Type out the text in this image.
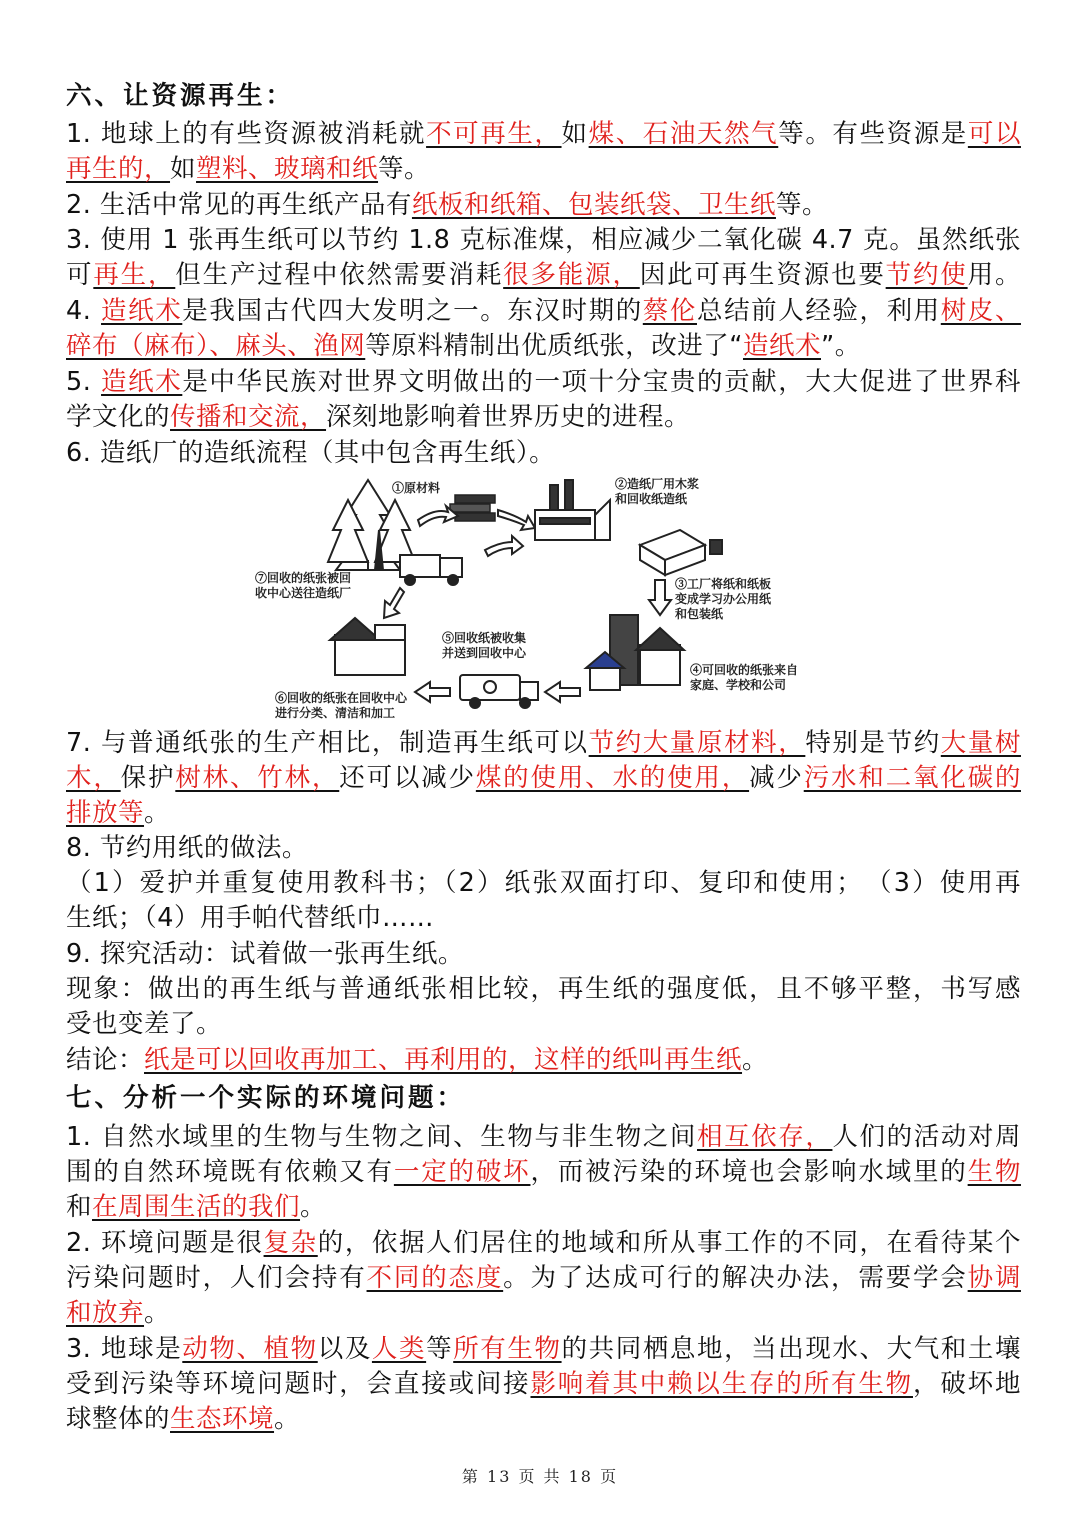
六、让资源再生：
1. 地球上的有些资源被消耗就不可再生，如煤、石油天然气等。有些资源是可以
再生的，如塑料、玻璃和纸等。
2. 生活中常见的再生纸产品有纸板和纸箱、包装纸袋、卫生纸等。
3. 使用 1 张再生纸可以节约 1.8 克标准煤，相应减少二氧化碳 4.7 克。虽然纸张
可再生，但生产过程中依然需要消耗很多能源，因此可再生资源也要节约使用。
4. 造纸术是我国古代四大发明之一。东汉时期的蔡伦总结前人经验，利用树皮、
碎布（麻布）、麻头、渔网等原料精制出优质纸张，改进了“造纸术”。
5. 造纸术是中华民族对世界文明做出的一项十分宝贵的贡献，大大促进了世界科
学文化的传播和交流，深刻地影响着世界历史的进程。
6. 造纸厂的造纸流程（其中包含再生纸）。
①原材料	②造纸厂用木浆
和回收纸造纸
③工厂将纸和纸板
变成学习办公用纸
和包装纸
④可回收的纸张来自
家庭、学校和公司
⑤回收纸被收集
并送到回收中心
⑥回收的纸张在回收中心
进行分类、清洁和加工
⑦回收的纸张被回
收中心送往造纸厂
7. 与普通纸张的生产相比，制造再生纸可以节约大量原材料，特别是节约大量树
木，保护树林、竹林，还可以减少煤的使用、水的使用，减少污水和二氧化碳的
排放等。
8. 节约用纸的做法。
（1）爱护并重复使用教科书；（2）纸张双面打印、复印和使用；　（3）使用再
生纸；（4）用手帕代替纸巾……
9. 探究活动：试着做一张再生纸。
现象：做出的再生纸与普通纸张相比较，再生纸的强度低，且不够平整，书写感
受也变差了。
结论：纸是可以回收再加工、再利用的，这样的纸叫再生纸。
七、分析一个实际的环境问题：
1. 自然水域里的生物与生物之间、生物与非生物之间相互依存，人们的活动对周
围的自然环境既有依赖又有一定的破坏，而被污染的环境也会影响水域里的生物
和在周围生活的我们。
2. 环境问题是很复杂的，依据人们居住的地域和所从事工作的不同，在看待某个
污染问题时，人们会持有不同的态度。为了达成可行的解决办法，需要学会协调
和放弃。
3. 地球是动物、植物以及人类等所有生物的共同栖息地，当出现水、大气和土壤
受到污染等环境问题时，会直接或间接影响着其中赖以生存的所有生物，破坏地
球整体的生态环境。
第 13 页 共 18 页
